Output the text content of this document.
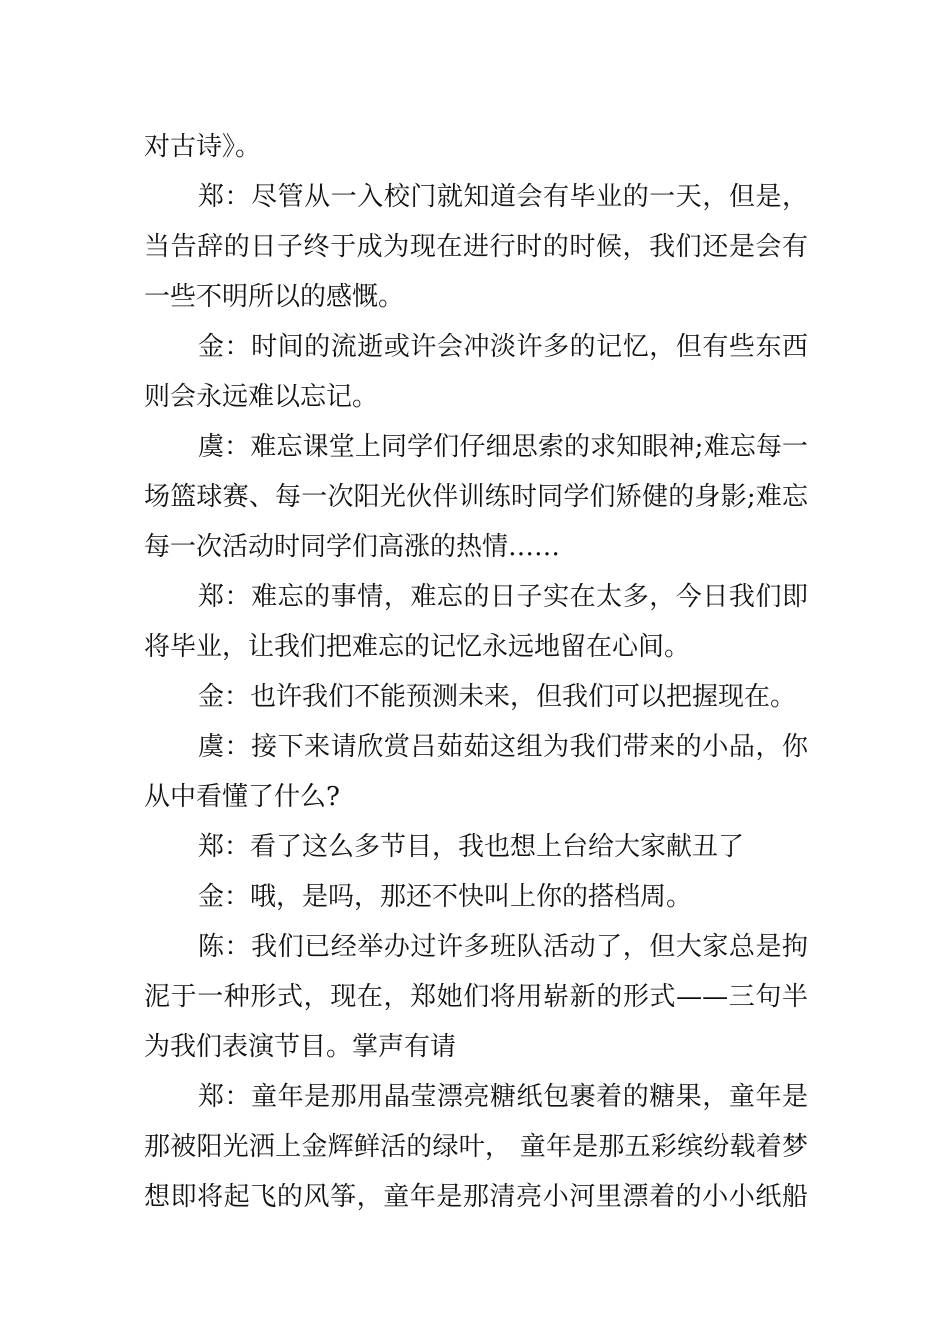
对古诗》。
郑：尽管从一入校门就知道会有毕业的一天，但是，
当告辞的日子终于成为现在进行时的时候，我们还是会有
一些不明所以的感慨。
金：时间的流逝或许会冲淡许多的记忆，但有些东西
则会永远难以忘记。
虞：难忘课堂上同学们仔细思索的求知眼神;难忘每一
场篮球赛、每一次阳光伙伴训练时同学们矫健的身影;难忘
每一次活动时同学们高涨的热情……
郑：难忘的事情，难忘的日子实在太多，今日我们即
将毕业，让我们把难忘的记忆永远地留在心间。
金：也许我们不能预测未来，但我们可以把握现在。
虞：接下来请欣赏吕茹茹这组为我们带来的小品，你
从中看懂了什么?
郑：看了这么多节目，我也想上台给大家献丑了
金：哦，是吗，那还不快叫上你的搭档周。
陈：我们已经举办过许多班队活动了，但大家总是拘
泥于一种形式，现在，郑她们将用崭新的形式——三句半
为我们表演节目。掌声有请
郑：童年是那用晶莹漂亮糖纸包裹着的糖果，童年是
那被阳光洒上金辉鲜活的绿叶， 童年是那五彩缤纷载着梦
想即将起飞的风筝，童年是那清亮小河里漂着的小小纸船
